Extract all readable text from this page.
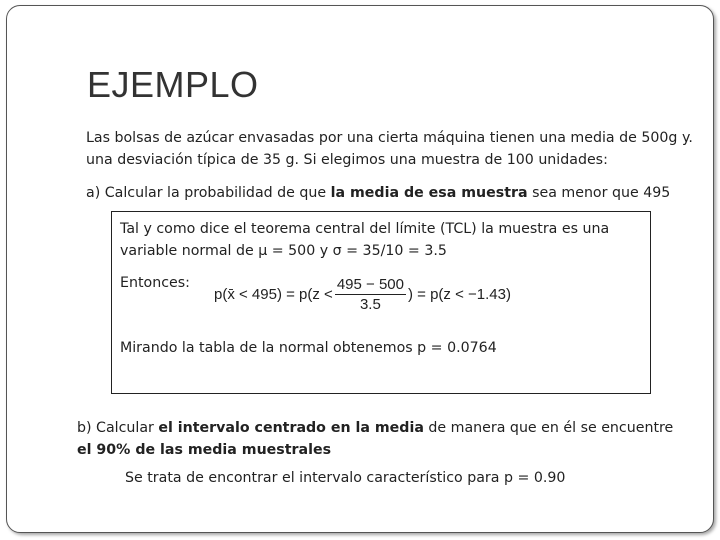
EJEMPLO
Las bolsas de azúcar envasadas por una cierta máquina tienen una media de 500g y.
una desviación típica de 35 g. Si elegimos una muestra de 100 unidades:
a) Calcular la probabilidad de que la media de esa muestra sea menor que 495
Tal y como dice el teorema central del límite (TCL) la muestra es una
variable normal de μ = 500 y σ = 35/10 = 3.5
Entonces:
p(x̄ < $495) = p(z < \frac{495 - 500}{3.5}$ ) = p(z < −1.43)
Mirando la tabla de la normal obtenemos p = 0.0764
b) Calcular el intervalo centrado en la media de manera que en él se encuentre
el 90% de las media muestrales
Se trata de encontrar el intervalo característico para p = 0.90
